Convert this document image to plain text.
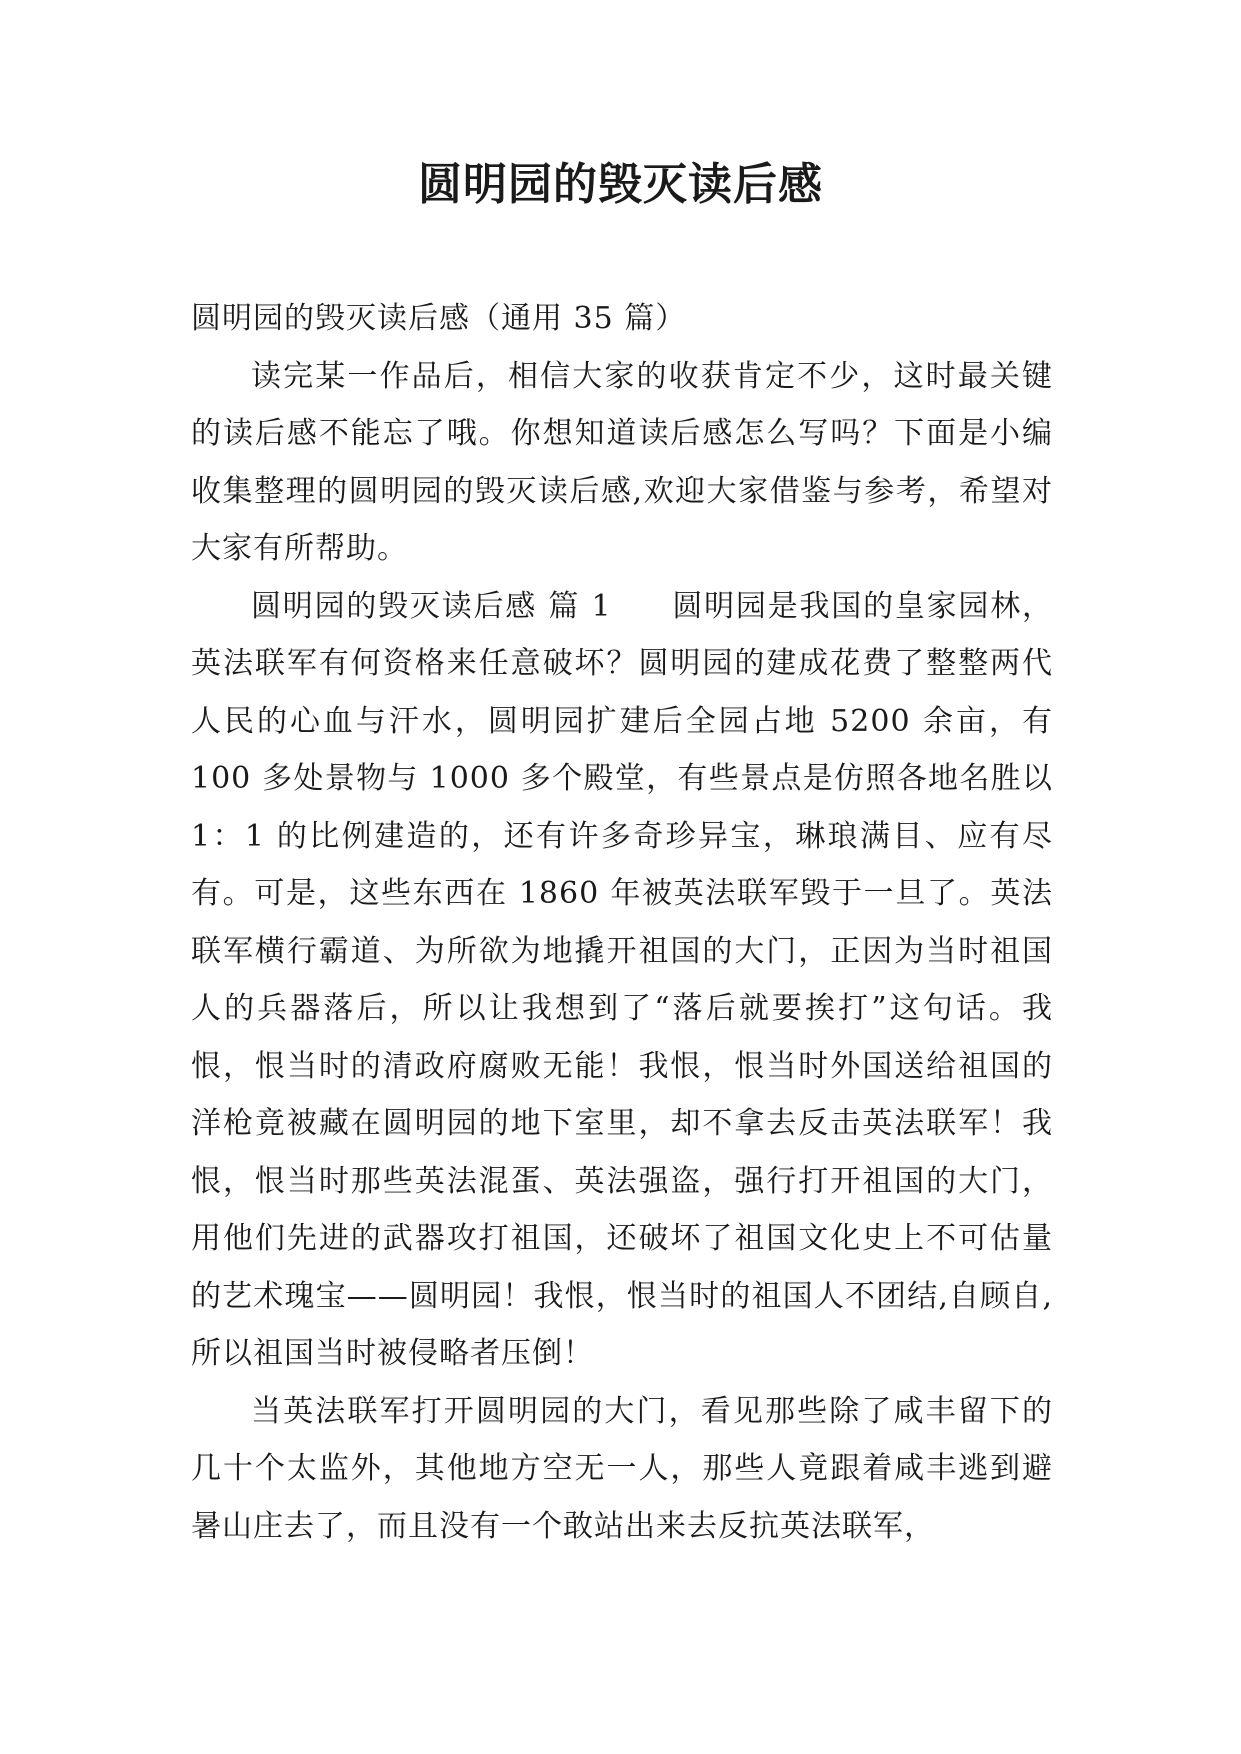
圆明园的毁灭读后感

圆明园的毁灭读后感（通用 35 篇）

读完某一作品后，相信大家的收获肯定不少，这时最关键的读后感不能忘了哦。你想知道读后感怎么写吗？下面是小编收集整理的圆明园的毁灭读后感,欢迎大家借鉴与参考，希望对大家有所帮助。

圆明园的毁灭读后感 篇 1 圆明园是我国的皇家园林，英法联军有何资格来任意破坏？圆明园的建成花费了整整两代人民的心血与汗水，圆明园扩建后全园占地 5200 余亩，有 100 多处景物与 1000 多个殿堂，有些景点是仿照各地名胜以 1：1 的比例建造的，还有许多奇珍异宝，琳琅满目、应有尽有。可是，这些东西在 1860 年被英法联军毁于一旦了。英法联军横行霸道、为所欲为地撬开祖国的大门，正因为当时祖国人的兵器落后，所以让我想到了“落后就要挨打”这句话。我恨，恨当时的清政府腐败无能！我恨，恨当时外国送给祖国的洋枪竟被藏在圆明园的地下室里，却不拿去反击英法联军！我恨，恨当时那些英法混蛋、英法强盗，强行打开祖国的大门，用他们先进的武器攻打祖国，还破坏了祖国文化史上不可估量的艺术瑰宝——圆明园！我恨，恨当时的祖国人不团结,自顾自,所以祖国当时被侵略者压倒！

当英法联军打开圆明园的大门，看见那些除了咸丰留下的几十个太监外，其他地方空无一人，那些人竟跟着咸丰逃到避暑山庄去了，而且没有一个敢站出来去反抗英法联军，
